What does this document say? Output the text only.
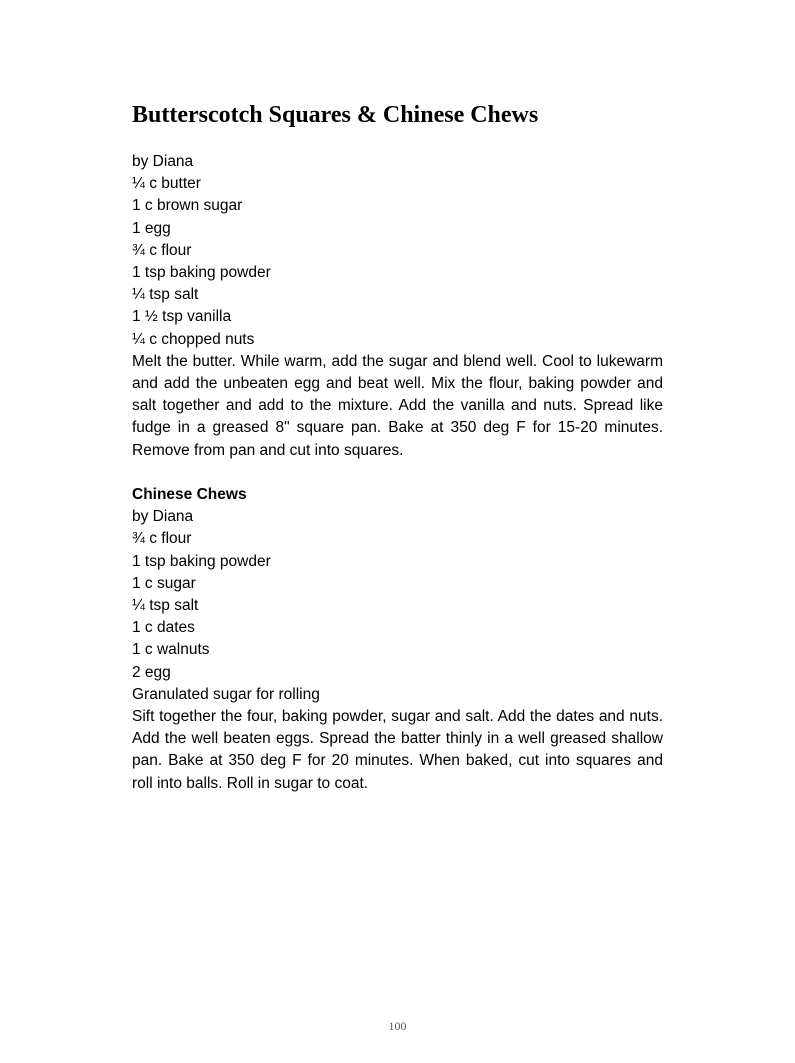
Butterscotch Squares & Chinese Chews
by Diana
¼ c butter
1 c brown sugar
1 egg
¾ c flour
1 tsp baking powder
¼ tsp salt
1 ½ tsp vanilla
¼ c chopped nuts

Melt the butter. While warm, add the sugar and blend well. Cool to lukewarm and add the unbeaten egg and beat well. Mix the flour, baking powder and salt together and add to the mixture. Add the vanilla and nuts. Spread like fudge in a greased 8" square pan. Bake at 350 deg F for 15-20 minutes. Remove from pan and cut into squares.

Chinese Chews

by Diana
¾ c flour
1 tsp baking powder
1 c sugar
¼ tsp salt
1 c dates
1 c walnuts
2 egg
Granulated sugar for rolling

Sift together the four, baking powder, sugar and salt. Add the dates and nuts. Add the well beaten eggs. Spread the batter thinly in a well greased shallow pan. Bake at 350 deg F for 20 minutes. When baked, cut into squares and roll into balls. Roll in sugar to coat.

100
